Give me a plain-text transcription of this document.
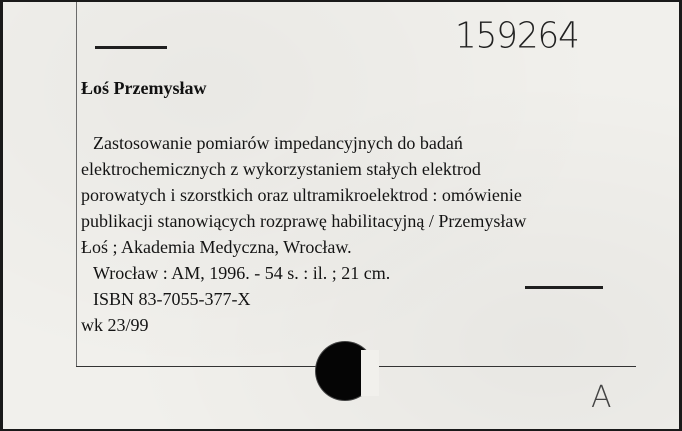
159264
Łoś Przemysław
Zastosowanie pomiarów impedancyjnych do badań
elektrochemicznych z wykorzystaniem stałych elektrod
porowatych i szorstkich oraz ultramikroelektrod : omówienie
publikacji stanowiących rozprawę habilitacyjną / Przemysław
Łoś ; Akademia Medyczna, Wrocław.
Wrocław : AM, 1996. - 54 s. : il. ; 21 cm.
ISBN 83-7055-377-X
wk 23/99
A
